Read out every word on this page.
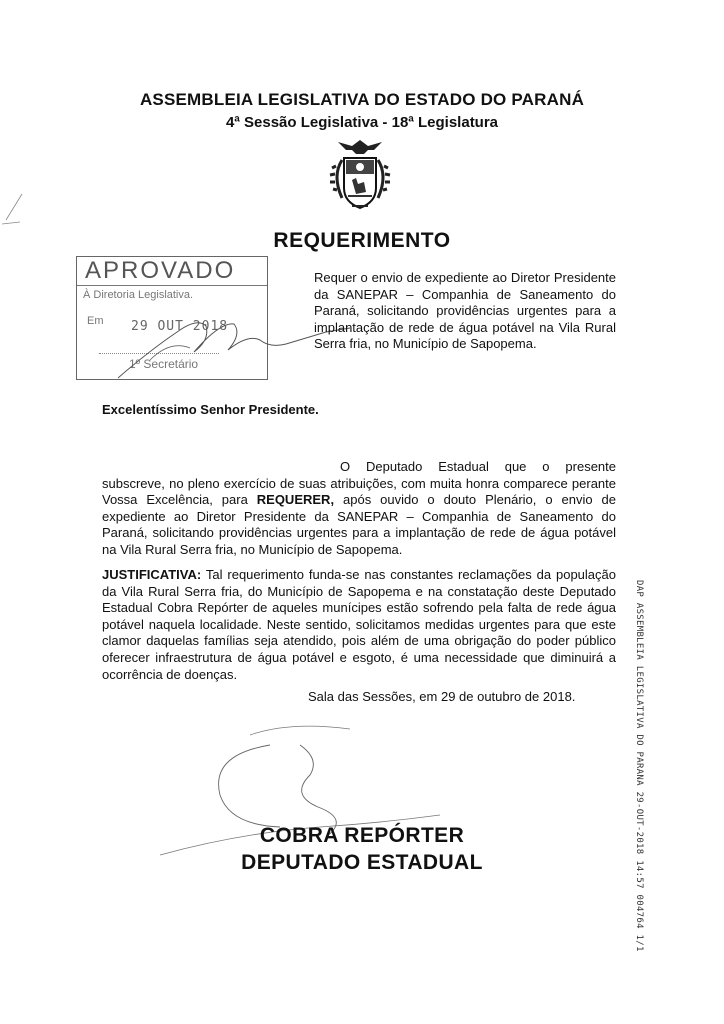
ASSEMBLEIA LEGISLATIVA DO ESTADO DO PARANÁ
4ª Sessão Legislativa - 18ª Legislatura
REQUERIMENTO
APROVADO
À Diretoria Legislativa.
Em 29 OUT 2018
1º Secretário
Requer o envio de expediente ao Diretor Presidente da SANEPAR – Companhia de Saneamento do Paraná, solicitando providências urgentes para a implantação de rede de água potável na Vila Rural Serra fria, no Município de Sapopema.
Excelentíssimo Senhor Presidente.
O Deputado Estadual que o presente subscreve, no pleno exercício de suas atribuições, com muita honra comparece perante Vossa Excelência, para REQUERER, após ouvido o douto Plenário, o envio de expediente ao Diretor Presidente da SANEPAR – Companhia de Saneamento do Paraná, solicitando providências urgentes para a implantação de rede de água potável na Vila Rural Serra fria, no Município de Sapopema.
JUSTIFICATIVA: Tal requerimento funda-se nas constantes reclamações da população da Vila Rural Serra fria, do Município de Sapopema e na constatação deste Deputado Estadual Cobra Repórter de aqueles munícipes estão sofrendo pela falta de rede água potável naquela localidade. Neste sentido, solicitamos medidas urgentes para que este clamor daquelas famílias seja atendido, pois além de uma obrigação do poder público oferecer infraestrutura de água potável e esgoto, é uma necessidade que diminuirá a ocorrência de doenças.
Sala das Sessões, em 29 de outubro de 2018.
COBRA REPÓRTER
DEPUTADO ESTADUAL	DAP ASSEMBLEIA LEGISLATIVA DO PARANA 29-OUT-2018 14:57 004764 1/1
